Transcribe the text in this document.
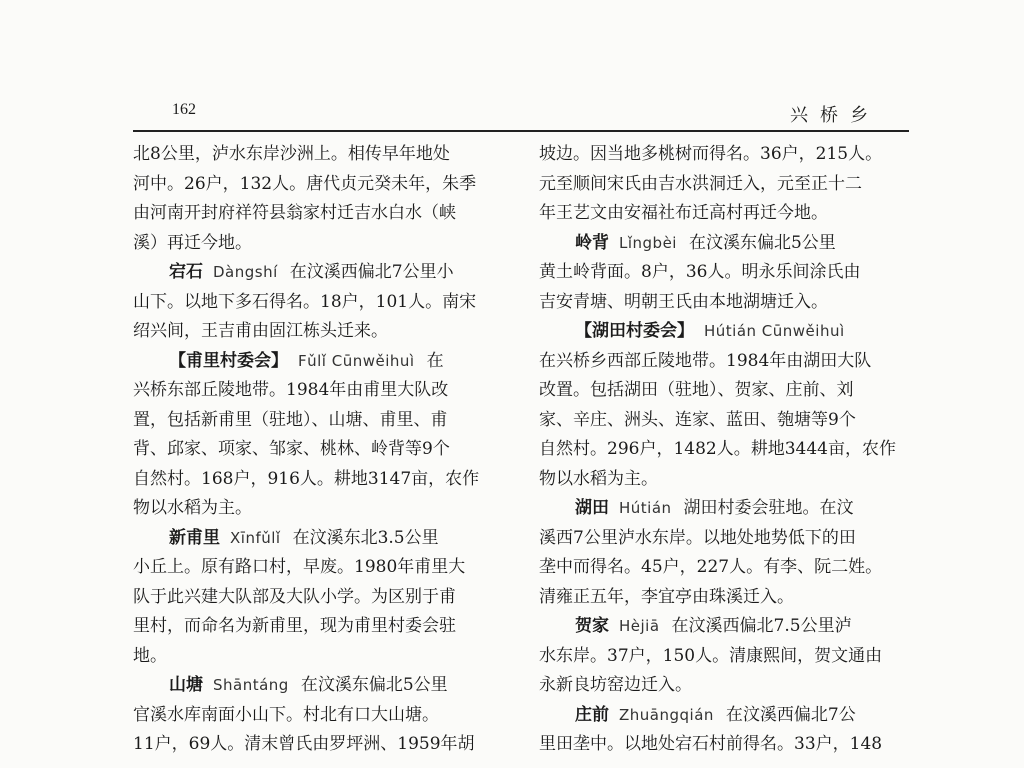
162	兴桥乡
北8公里，泸水东岸沙洲上。相传早年地处
河中。26户，132人。唐代贞元癸未年，朱季
由河南开封府祥符县翁家村迁吉水白水（峡
溪）再迁今地。
宕石 Dàngshí 在汶溪西偏北7公里小
山下。以地下多石得名。18户，101人。南宋
绍兴间，王吉甫由固江栋头迁来。
【甫里村委会】 Fǔlǐ Cūnwěihuì 在
兴桥东部丘陵地带。1984年由甫里大队改
置，包括新甫里（驻地）、山塘、甫里、甫
背、邱家、项家、邹家、桃林、岭背等9个
自然村。168户，916人。耕地3147亩，农作
物以水稻为主。
新甫里 Xīnfǔlǐ 在汶溪东北3.5公里
小丘上。原有路口村，早废。1980年甫里大
队于此兴建大队部及大队小学。为区别于甫
里村，而命名为新甫里，现为甫里村委会驻
地。
山塘 Shāntáng 在汶溪东偏北5公里
官溪水库南面小山下。村北有口大山塘。
11户，69人。清末曾氏由罗坪洲、1959年胡
坡边。因当地多桃树而得名。36户，215人。
元至顺间宋氏由吉水洪洞迁入，元至正十二
年王艺文由安福社布迁高村再迁今地。
岭背 Lǐngbèi 在汶溪东偏北5公里
黄土岭背面。8户，36人。明永乐间涂氏由
吉安青塘、明朝王氏由本地湖塘迁入。
【湖田村委会】 Hútián Cūnwěihuì
在兴桥乡西部丘陵地带。1984年由湖田大队
改置。包括湖田（驻地）、贺家、庄前、刘
家、辛庄、洲头、连家、蓝田、匏塘等9个
自然村。296户，1482人。耕地3444亩，农作
物以水稻为主。
湖田 Hútián 湖田村委会驻地。在汶
溪西7公里泸水东岸。以地处地势低下的田
垄中而得名。45户，227人。有李、阮二姓。
清雍正五年，李宜亭由珠溪迁入。
贺家 Hèjiā 在汶溪西偏北7.5公里泸
水东岸。37户，150人。清康熙间，贺文通由
永新良坊窑边迁入。
庄前 Zhuāngqián 在汶溪西偏北7公
里田垄中。以地处宕石村前得名。33户，148
